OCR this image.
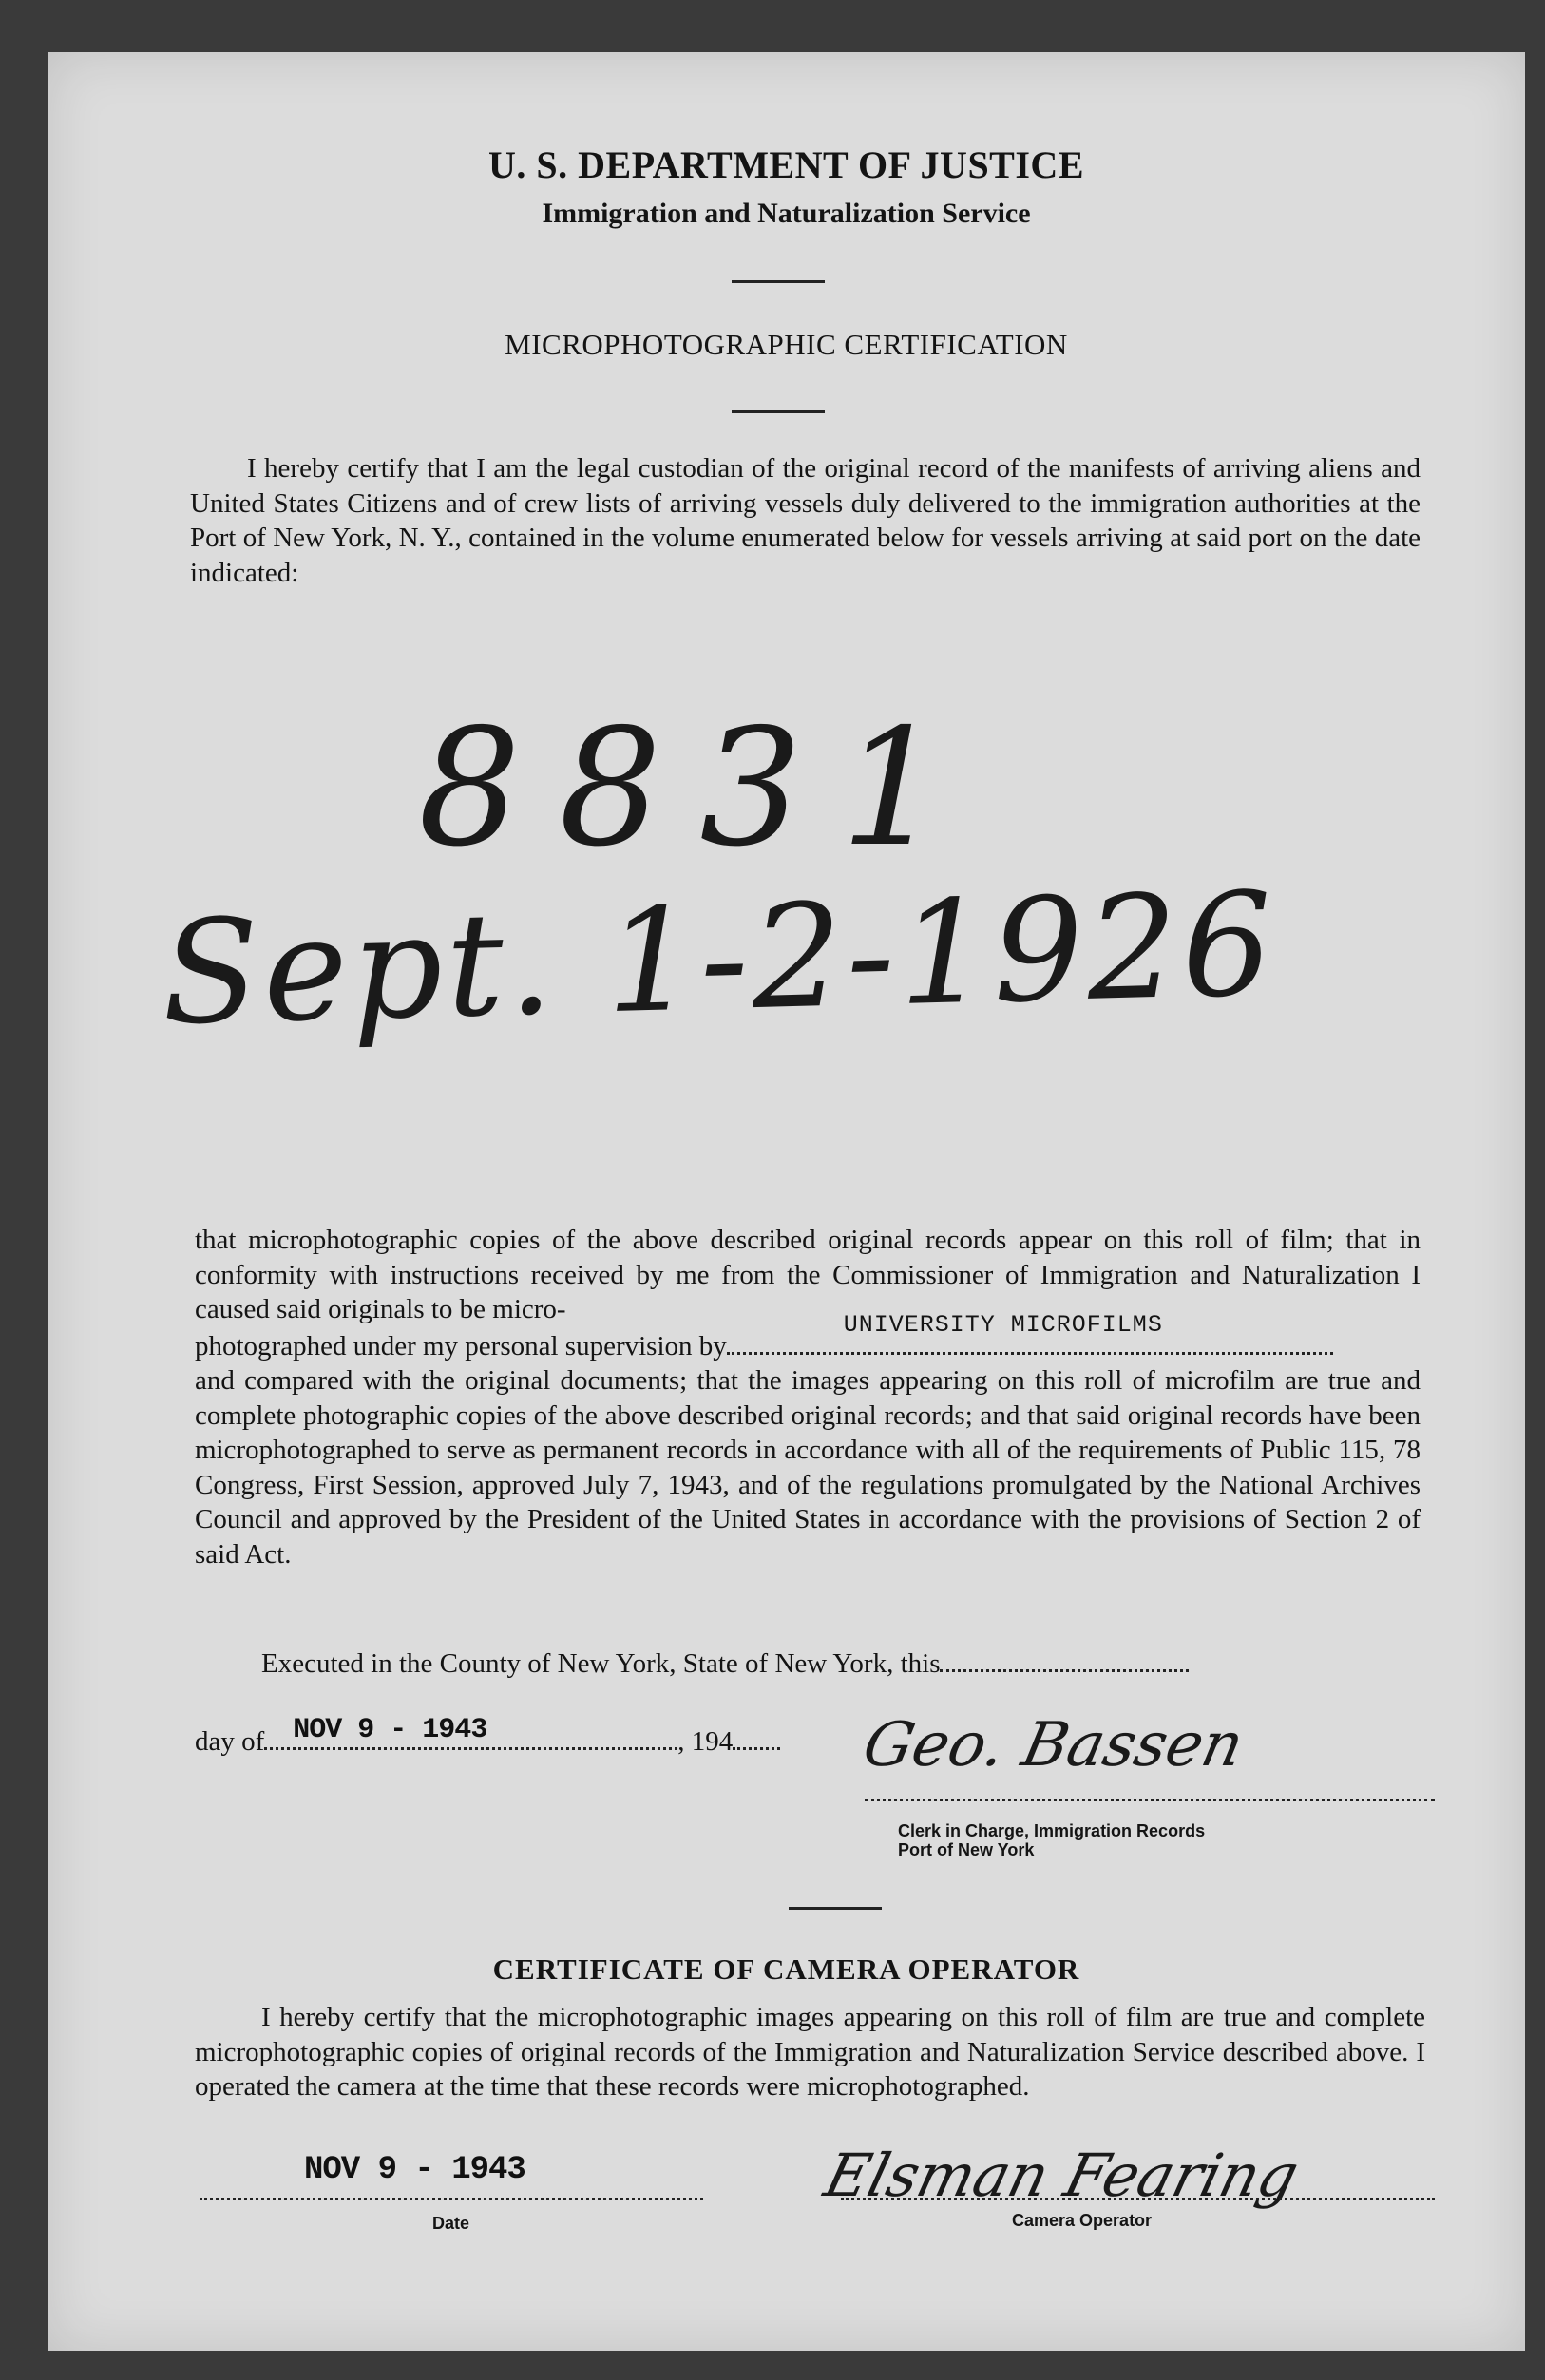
U. S. DEPARTMENT OF JUSTICE
Immigration and Naturalization Service
MICROPHOTOGRAPHIC CERTIFICATION
I hereby certify that I am the legal custodian of the original record of the manifests of arriving aliens and United States Citizens and of crew lists of arriving vessels duly delivered to the immigration authorities at the Port of New York, N. Y., contained in the volume enumerated below for vessels arriving at said port on the date indicated:
8831
Sept. 1-2-1926

that microphotographic copies of the above described original records appear on this roll of film; that in conformity with instructions received by me from the Commissioner of Immigration and Naturalization I caused said originals to be micro-

photographed under my personal supervision by
UNIVERSITY MICROFILMS

and compared with the original documents; that the images appearing on this roll of microfilm are true and complete photographic copies of the above described original records; and that said original records have been microphotographed to serve as permanent records in accordance with all of the requirements of Public 115, 78 Congress, First Session, approved July 7, 1943, and of the regulations promulgated by the National Archives Council and approved by the President of the United States in accordance with the provisions of Section 2 of said Act.

Executed in the County of New York, State of New York, this
day of NOV 9 - 1943	, 194	Geo. Bassen
Clerk in Charge, Immigration Records
Port of New York
CERTIFICATE OF CAMERA OPERATOR
I hereby certify that the microphotographic images appearing on this roll of film are true and complete microphotographic copies of original records of the Immigration and Naturalization Service described above. I operated the camera at the time that these records were microphotographed.
NOV 9 - 1943
Date
Elsman Fearing
Camera Operator
